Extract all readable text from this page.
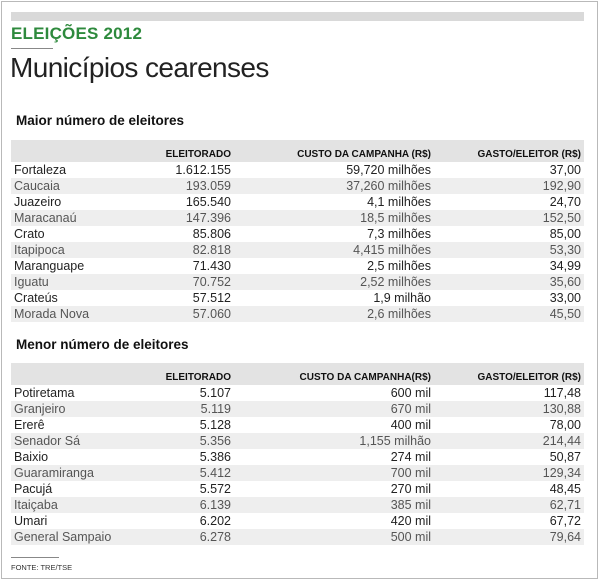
ELEIÇÕES 2012
Municípios cearenses
Maior número de eleitores

	ELEITORADO	CUSTO DA CAMPANHA (R$)	GASTO/ELEITOR (R$)
Fortaleza	1.612.155	59,720 milhões	37,00
Caucaia	193.059	37,260 milhões	192,90
Juazeiro	165.540	4,1 milhões	24,70
Maracanaú	147.396	18,5 milhões	152,50
Crato	85.806	7,3 milhões	85,00
Itapipoca	82.818	4,415 milhões	53,30
Maranguape	71.430	2,5 milhões	34,99
Iguatu	70.752	2,52 milhões	35,60
Crateús	57.512	1,9 milhão	33,00
Morada Nova	57.060	2,6 milhões	45,50
Menor número de eleitores

	ELEITORADO	CUSTO DA CAMPANHA(R$)	GASTO/ELEITOR (R$)
Potiretama	5.107	600 mil	117,48
Granjeiro	5.119	670 mil	130,88
Ererê	5.128	400 mil	78,00
Senador Sá	5.356	1,155 milhão	214,44
Baixio	5.386	274 mil	50,87
Guaramiranga	5.412	700 mil	129,34
Pacujá	5.572	270 mil	48,45
Itaiçaba	6.139	385 mil	62,71
Umari	6.202	420 mil	67,72
General Sampaio	6.278	500 mil	79,64
FONTE: TRE/TSE
